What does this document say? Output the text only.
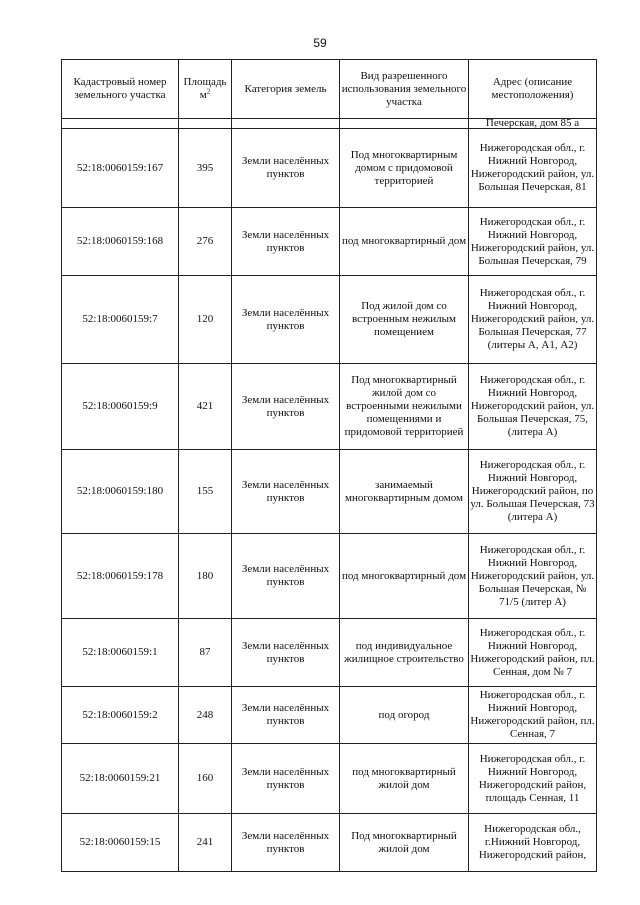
59
Кадастровый номер земельного участка	Площадь $м^2$	Категория земель	Вид разрешенного использования земельного участка	Адрес (описание местоположения)
				Печерская, дом 85 а
52:18:0060159:167	395	Земли населённых пунктов	Под многоквартирным домом с придомовой территорией	Нижегородская обл., г. Нижний Новгород, Нижегородский район, ул. Большая Печерская, 81
52:18:0060159:168	276	Земли населённых пунктов	под многоквартирный дом	Нижегородская обл., г. Нижний Новгород, Нижегородский район, ул. Большая Печерская, 79
52:18:0060159:7	120	Земли населённых пунктов	Под жилой дом со встроенным нежилым помещением	Нижегородская обл., г. Нижний Новгород, Нижегородский район, ул. Большая Печерская, 77 (литеры А, А1, А2)
52:18:0060159:9	421	Земли населённых пунктов	Под многоквартирный жилой дом со встроенными нежилыми помещениями и придомовой территорией	Нижегородская обл., г. Нижний Новгород, Нижегородский район, ул. Большая Печерская, 75, (литера А)
52:18:0060159:180	155	Земли населённых пунктов	занимаемый многоквартирным домом	Нижегородская обл., г. Нижний Новгород, Нижегородский район, по ул. Большая Печерская, 73 (литера А)
52:18:0060159:178	180	Земли населённых пунктов	под многоквартирный дом	Нижегородская обл., г. Нижний Новгород, Нижегородский район, ул. Большая Печерская, № 71/5 (литер А)
52:18:0060159:1	87	Земли населённых пунктов	под индивидуальное жилищное строительство	Нижегородская обл., г. Нижний Новгород, Нижегородский район, пл. Сенная, дом № 7
52:18:0060159:2	248	Земли населённых пунктов	под огород	Нижегородская обл., г. Нижний Новгород, Нижегородский район, пл. Сенная, 7
52:18:0060159:21	160	Земли населённых пунктов	под многоквартирный жилой дом	Нижегородская обл., г. Нижний Новгород, Нижегородский район, площадь Сенная, 11
52:18:0060159:15	241	Земли населённых пунктов	Под многоквартирный жилой дом	Нижегородская обл., г.Нижний Новгород, Нижегородский район,
